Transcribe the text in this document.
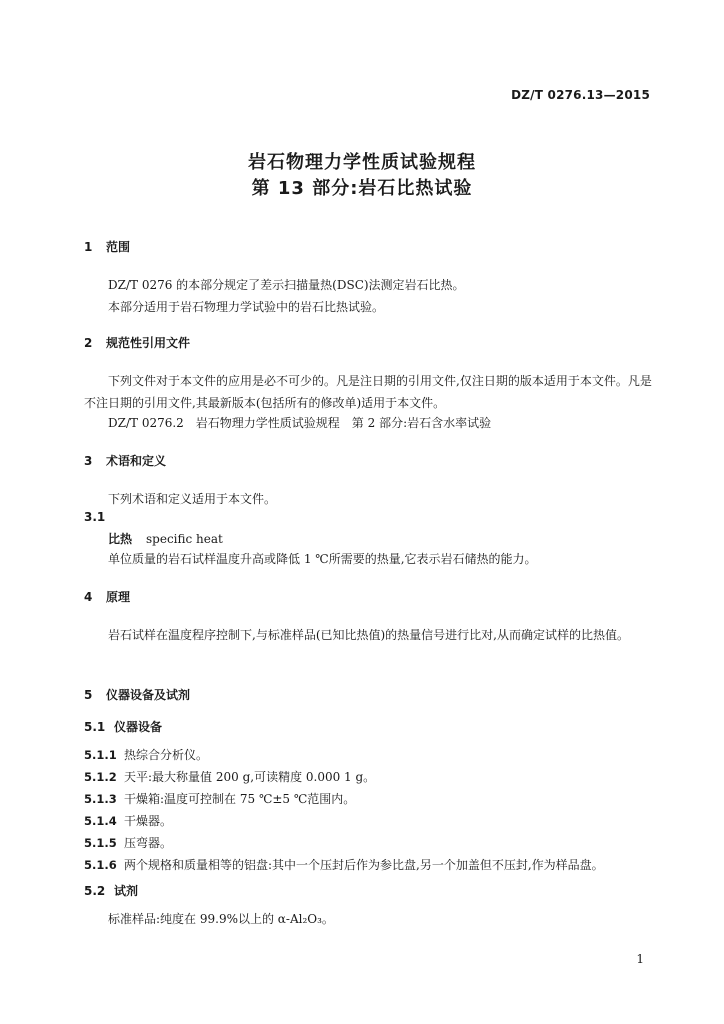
DZ/T 0276.13—2015
岩石物理力学性质试验规程
第 13 部分:岩石比热试验
1 范围
DZ/T 0276 的本部分规定了差示扫描量热(DSC)法测定岩石比热。
本部分适用于岩石物理力学试验中的岩石比热试验。
2 规范性引用文件
下列文件对于本文件的应用是必不可少的。凡是注日期的引用文件,仅注日期的版本适用于本文件。凡是不注日期的引用文件,其最新版本(包括所有的修改单)适用于本文件。
DZ/T 0276.2　岩石物理力学性质试验规程　第 2 部分:岩石含水率试验
3 术语和定义
下列术语和定义适用于本文件。
3.1
比热 specific heat
单位质量的岩石试样温度升高或降低 1 ℃所需要的热量,它表示岩石储热的能力。
4 原理
岩石试样在温度程序控制下,与标准样品(已知比热值)的热量信号进行比对,从而确定试样的比热值。
5 仪器设备及试剂
5.1 仪器设备
5.1.1 热综合分析仪。
5.1.2 天平:最大称量值 200 g,可读精度 0.000 1 g。
5.1.3 干燥箱:温度可控制在 75 ℃±5 ℃范围内。
5.1.4 干燥器。
5.1.5 压弯器。
5.1.6 两个规格和质量相等的铝盘:其中一个压封后作为参比盘,另一个加盖但不压封,作为样品盘。
5.2 试剂
标准样品:纯度在 99.9%以上的 α-Al₂O₃。
1
